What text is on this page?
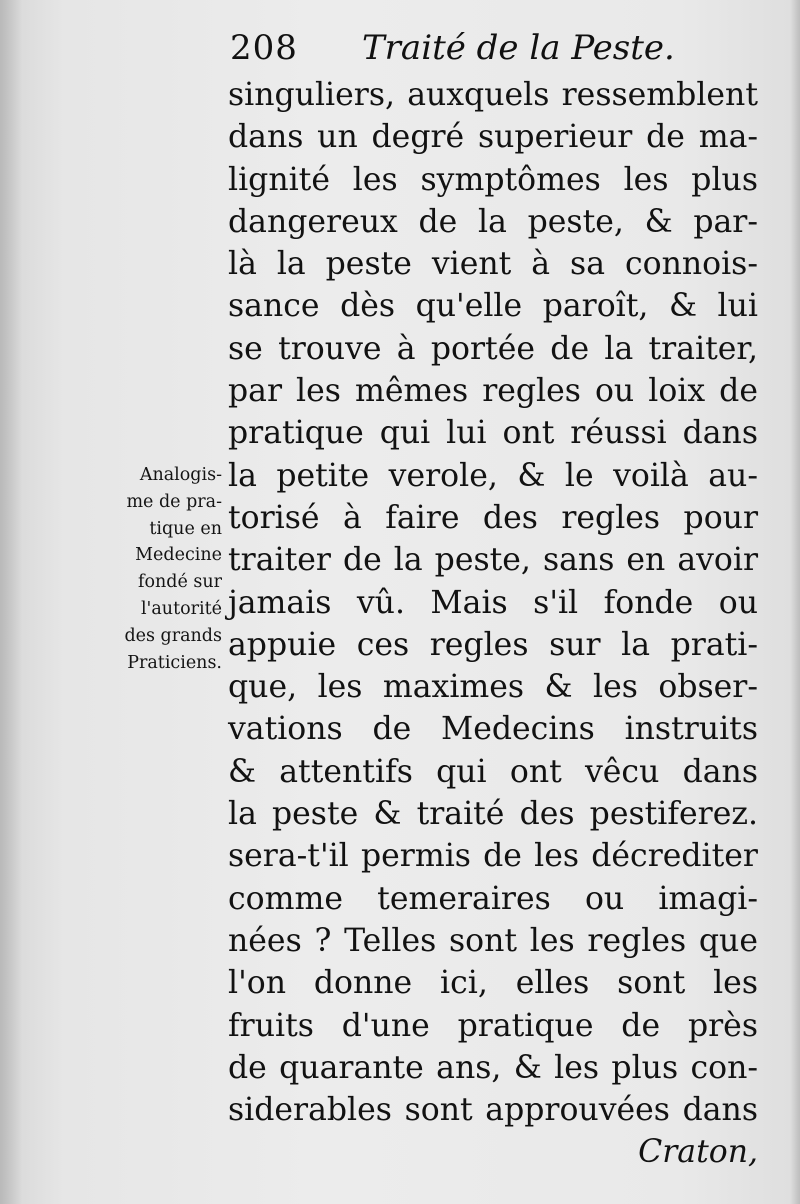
208 Traité de la Peste.
Analogis-
me de pra-
tique en
Medecine
fondé sur
l'autorité
des grands
Praticiens.
singuliers, auxquels ressemblent
dans un degré superieur de ma-
lignité les symptômes les plus
dangereux de la peste, & par-
là la peste vient à sa connois-
sance dès qu'elle paroît, & lui
se trouve à portée de la traiter,
par les mêmes regles ou loix de
pratique qui lui ont réussi dans
la petite verole, & le voilà au-
torisé à faire des regles pour
traiter de la peste, sans en avoir
jamais vû. Mais s'il fonde ou
appuie ces regles sur la prati-
que, les maximes & les obser-
vations de Medecins instruits
& attentifs qui ont vêcu dans
la peste & traité des pestiferez.
sera-t'il permis de les décrediter
comme temeraires ou imagi-
nées ? Telles sont les regles que
l'on donne ici, elles sont les
fruits d'une pratique de près
de quarante ans, & les plus con-
siderables sont approuvées dans
Craton,
